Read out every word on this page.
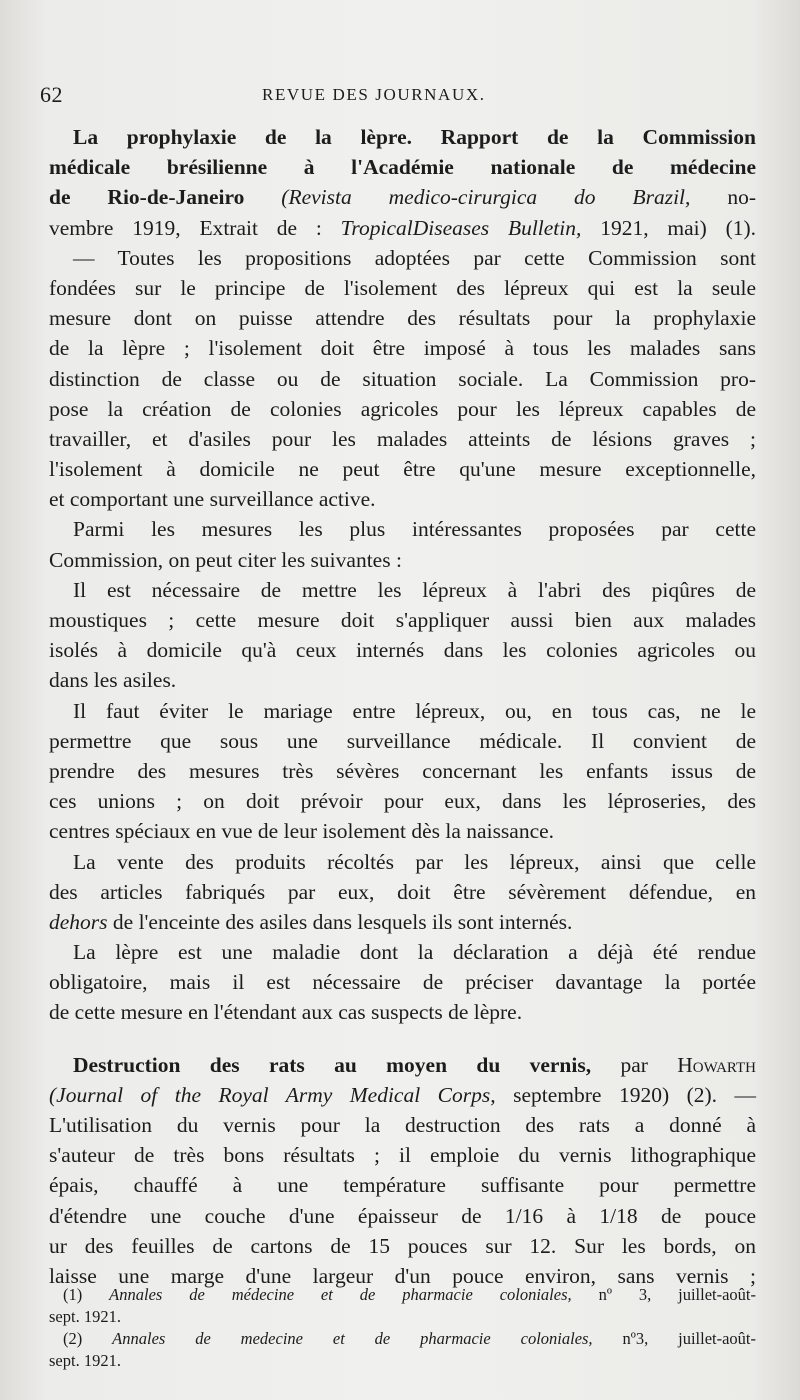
62	REVUE DES JOURNAUX.
La prophylaxie de la lèpre. Rapport de la Commission
médicale brésilienne à l'Académie nationale de médecine
de Rio-de-Janeiro (Revista medico-cirurgica do Brazil, no-
vembre 1919, Extrait de : TropicalDiseases Bulletin, 1921, mai) (1).
— Toutes les propositions adoptées par cette Commission sont
fondées sur le principe de l'isolement des lépreux qui est la seule
mesure dont on puisse attendre des résultats pour la prophylaxie
de la lèpre ; l'isolement doit être imposé à tous les malades sans
distinction de classe ou de situation sociale. La Commission pro-
pose la création de colonies agricoles pour les lépreux capables de
travailler, et d'asiles pour les malades atteints de lésions graves ;
l'isolement à domicile ne peut être qu'une mesure exceptionnelle,
et comportant une surveillance active.
Parmi les mesures les plus intéressantes proposées par cette
Commission, on peut citer les suivantes :
Il est nécessaire de mettre les lépreux à l'abri des piqûres de
moustiques ; cette mesure doit s'appliquer aussi bien aux malades
isolés à domicile qu'à ceux internés dans les colonies agricoles ou
dans les asiles.
Il faut éviter le mariage entre lépreux, ou, en tous cas, ne le
permettre que sous une surveillance médicale. Il convient de
prendre des mesures très sévères concernant les enfants issus de
ces unions ; on doit prévoir pour eux, dans les léproseries, des
centres spéciaux en vue de leur isolement dès la naissance.
La vente des produits récoltés par les lépreux, ainsi que celle
des articles fabriqués par eux, doit être sévèrement défendue, en
dehors de l'enceinte des asiles dans lesquels ils sont internés.
La lèpre est une maladie dont la déclaration a déjà été rendue
obligatoire, mais il est nécessaire de préciser davantage la portée
de cette mesure en l'étendant aux cas suspects de lèpre.
Destruction des rats au moyen du vernis, par Howarth
(Journal of the Royal Army Medical Corps, septembre 1920) (2). —
L'utilisation du vernis pour la destruction des rats a donné à
s'auteur de très bons résultats ; il emploie du vernis lithographique
épais, chauffé à une température suffisante pour permettre
d'étendre une couche d'une épaisseur de 1/16 à 1/18 de pouce
ur des feuilles de cartons de 15 pouces sur 12. Sur les bords, on
laisse une marge d'une largeur d'un pouce environ, sans vernis ;
(1) Annales de médecine et de pharmacie coloniales, nº 3, juillet-août-
sept. 1921.
(2) Annales de medecine et de pharmacie coloniales, nº3, juillet-août-
sept. 1921.
